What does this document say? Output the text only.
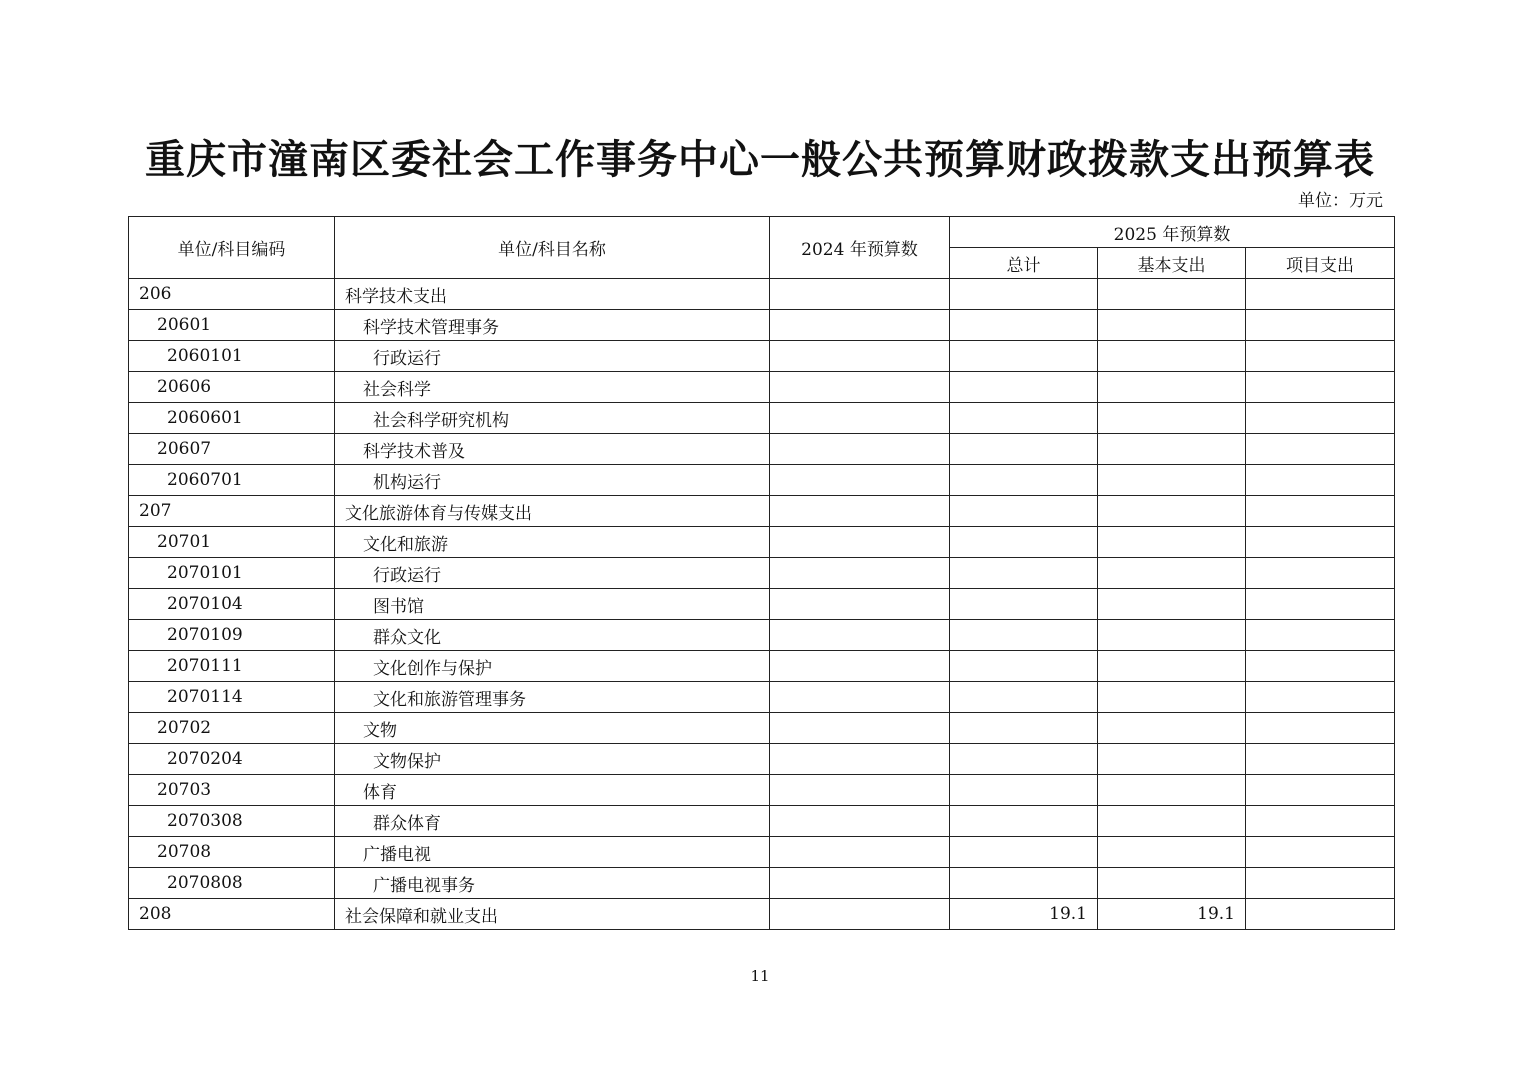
重庆市潼南区委社会工作事务中心一般公共预算财政拨款支出预算表
单位：万元
单位/科目编码	单位/科目名称	2024 年预算数	2025 年预算数		
			总计	基本支出	项目支出
206	科学技术支出				
20601	科学技术管理事务				
2060101	行政运行				
20606	社会科学				
2060601	社会科学研究机构				
20607	科学技术普及				
2060701	机构运行				
207	文化旅游体育与传媒支出				
20701	文化和旅游				
2070101	行政运行				
2070104	图书馆				
2070109	群众文化				
2070111	文化创作与保护				
2070114	文化和旅游管理事务				
20702	文物				
2070204	文物保护				
20703	体育				
2070308	群众体育				
20708	广播电视				
2070808	广播电视事务				
208	社会保障和就业支出		19.1	19.1	
11
